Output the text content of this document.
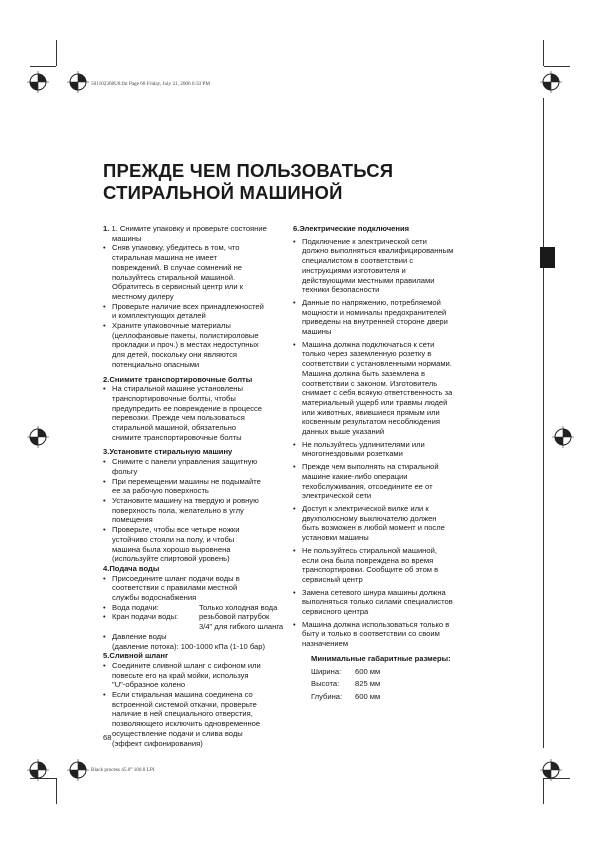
501102368U8.fm Page 68 Friday, July 21, 2006 6:33 PM
Black process 45.0° 100.0 LPI
ПРЕЖДЕ ЧЕМ ПОЛЬЗОВАТЬСЯ
СТИРАЛЬНОЙ МАШИНОЙ

1. 1. Снимите упаковку и проверьте состояние

машины

• Сняв упаковку, убедитесь в том, что
стиральная машина не имеет
повреждений. В случае сомнений не
пользуйтесь стиральной машиной.
Обратитесь в сервисный центр или к
местному дилеру
• Проверьте наличие всех принадлежностей
и комплектующих деталей
• Храните упаковочные материалы
(целлофановые пакеты, полистироловые
прокладки и проч.) в местах недоступных
для детей, поскольку они являются
потенциально опасными

2.Снимите транспортировочные болты

• На стиральной машине установлены
транспортировочные болты, чтобы
предупредить ее повреждение в процессе
перевозки. Прежде чем пользоваться
стиральной машиной, обязательно
снимите транспортировочные болты

3.Установите стиральную машину

• Снимите с панели управления защитную
фольгу
• При перемещении машины не подымайте
ее за рабочую поверхность
• Установите машину на твердую и ровную
поверхность пола, желательно в углу
помещения
• Проверьте, чтобы все четыре ножки
устойчиво стояли на полу, и чтобы
машина была хорошо выровнена
(используйте спиртовой уровень)

4.Подача воды

• Присоедините шланг подачи воды в
соответствии с правилами местной
службы водоснабжения
• Вода подачи:	Только холодная вода
• Кран подачи воды:	резьбовой патрубок
3/4" для гибкого шланга
• Давление воды
(давление потока): 100-1000 кПа (1-10 бар)

5.Сливной шланг

• Соедините сливной шланг с сифоном или
повесьте его на край мойки, используя
"U"-образное колено
• Если стиральная машина соединена со
встроенной системой откачки, проверьте
наличие в ней специального отверстия,
позволяющего исключить одновременное
осуществление подачи и слива воды
(эффект сифонирования)

6.Электрические подключения

• Подключение к электрической сети
должно выполняться квалифицированным
специалистом в соответствии с
инструкциями изготовителя и
действующими местными правилами
техники безопасности
• Данные по напряжению, потребляемой
мощности и номиналы предохранителей
приведены на внутренней стороне двери
машины
• Машина должна подключаться к сети
только через заземленную розетку в
соответствии с установленными нормами.
Машина должна быть заземлена в
соответствии с законом. Изготовитель
снимает с себя всякую ответственность за
материальный ущерб или травмы людей
или животных, явившиеся прямым или
косвенным результатом несоблюдения
данных выше указаний
• Не пользуйтесь удлинителями или
многогнездовыми розетками
• Прежде чем выполнять на стиральной
машине какие-либо операции
техобслуживания, отсоедините ее от
электрической сети
• Доступ к электрической вилке или к
двухполюсному выключателю должен
быть возможен в любой момент и после
установки машины
• Не пользуйтесь стиральной машиной,
если она была повреждена во время
транспортировки. Сообщите об этом в
сервисный центр
• Замена сетевого шнура машины должна
выполняться только силами специалистов
сервисного центра
• Машина должна использоваться только в
быту и только в соответствии со своим
назначением

Минимальные габаритные размеры:

Ширина:	600 мм
Высота:	825 мм
Глубина:	600 мм
68
